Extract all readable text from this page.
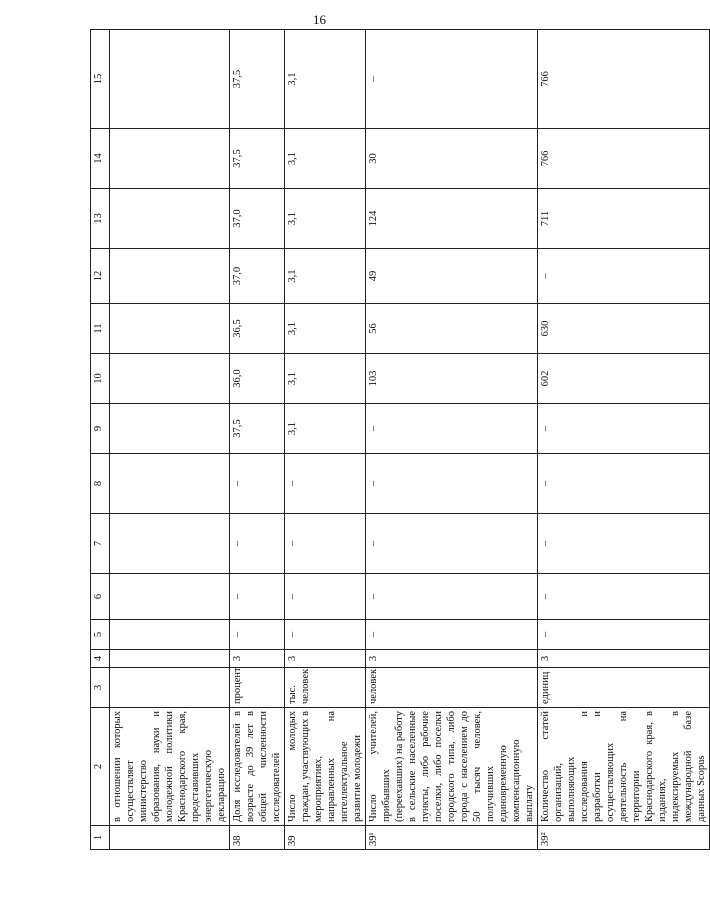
16
1	2	3	4	5	6	7	8	9	10	11	12	13	14	15
	в отношении которых осуществляет министерство образования, науки и молодежной политики Краснодарского края, представивших энергетическую декларацию													
38	Доля исследователей в возрасте до 39 лет в общей численности исследователей	процент	3	–	–	–	–	37,5	36,0	36,5	37,0	37,0	37,5	37,5
39	Число молодых граждан, участвующих в мероприятиях, направленных на интеллектуальное развитие молодежи	тыс. человек	3	–	–	–	–	3,1	3,1	3,1	3,1	3,1	3,1	3,1
39¹	Число учителей, прибывших (переехавших) на работу в сельские населенные пункты, либо рабочие поселки, либо поселки городского типа, либо города с населением до 50 тысяч человек, получивших единовременную компенсационную выплату	человек	3	–	–	–	–	–	103	56	49	124	30	–
39²	Количество статей организаций, выполняющих исследования и разработки и осуществляющих деятельность на территории Краснодарского края, в изданиях, индексируемых в международной базе данных Scopus	единиц	3	–	–	–	–	–	602	630	–	711	766	766
